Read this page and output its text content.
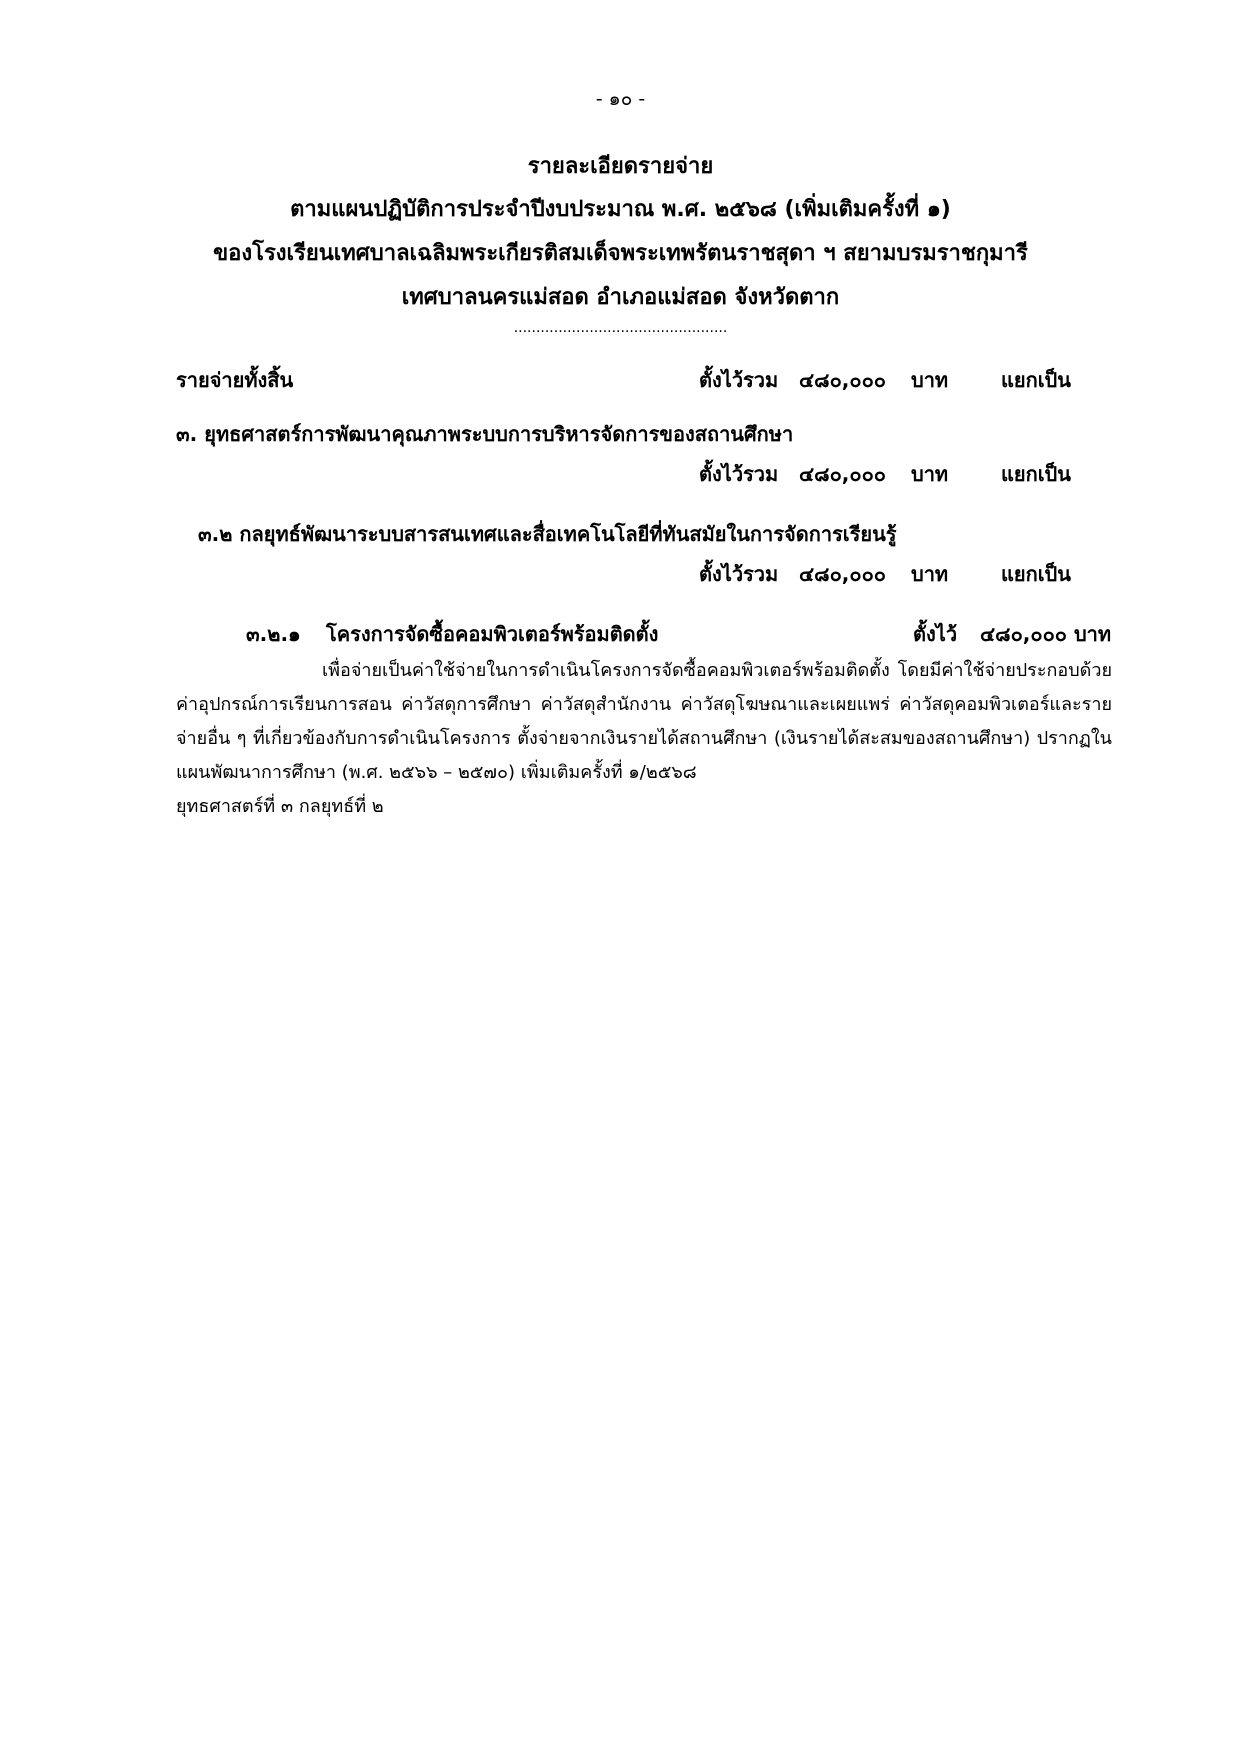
- ๑๐ -
รายละเอียดรายจ่าย
ตามแผนปฏิบัติการประจำปีงบประมาณ พ.ศ. ๒๕๖๘ (เพิ่มเติมครั้งที่ ๑)
ของโรงเรียนเทศบาลเฉลิมพระเกียรติสมเด็จพระเทพรัตนราชสุดา ฯ สยามบรมราชกุมารี
เทศบาลนครแม่สอด อำเภอแม่สอด จังหวัดตาก
................................................
รายจ่ายทั้งสิ้น	ตั้งไว้รวม ๔๘๐,๐๐๐ บาท	แยกเป็น
๓. ยุทธศาสตร์การพัฒนาคุณภาพระบบการบริหารจัดการของสถานศึกษา
ตั้งไว้รวม ๔๘๐,๐๐๐ บาท	แยกเป็น
๓.๒ กลยุทธ์พัฒนาระบบสารสนเทศและสื่อเทคโนโลยีที่ทันสมัยในการจัดการเรียนรู้
ตั้งไว้รวม ๔๘๐,๐๐๐ บาท	แยกเป็น
๓.๒.๑ โครงการจัดซื้อคอมพิวเตอร์พร้อมติดตั้ง	ตั้งไว้ ๔๘๐,๐๐๐ บาท

เพื่อจ่ายเป็นค่าใช้จ่ายในการดำเนินโครงการจัดซื้อคอมพิวเตอร์พร้อมติดตั้ง โดยมีค่าใช้จ่ายประกอบด้วย ค่าอุปกรณ์การเรียนการสอน ค่าวัสดุการศึกษา ค่าวัสดุสำนักงาน ค่าวัสดุโฆษณาและเผยแพร่ ค่าวัสดุคอมพิวเตอร์และรายจ่ายอื่น ๆ ที่เกี่ยวข้องกับการดำเนินโครงการ ตั้งจ่ายจากเงินรายได้สถานศึกษา (เงินรายได้สะสมของสถานศึกษา) ปรากฏในแผนพัฒนาการศึกษา (พ.ศ. ๒๕๖๖ – ๒๕๗๐) เพิ่มเติมครั้งที่ ๑/๒๕๖๘

ยุทธศาสตร์ที่ ๓ กลยุทธ์ที่ ๒
